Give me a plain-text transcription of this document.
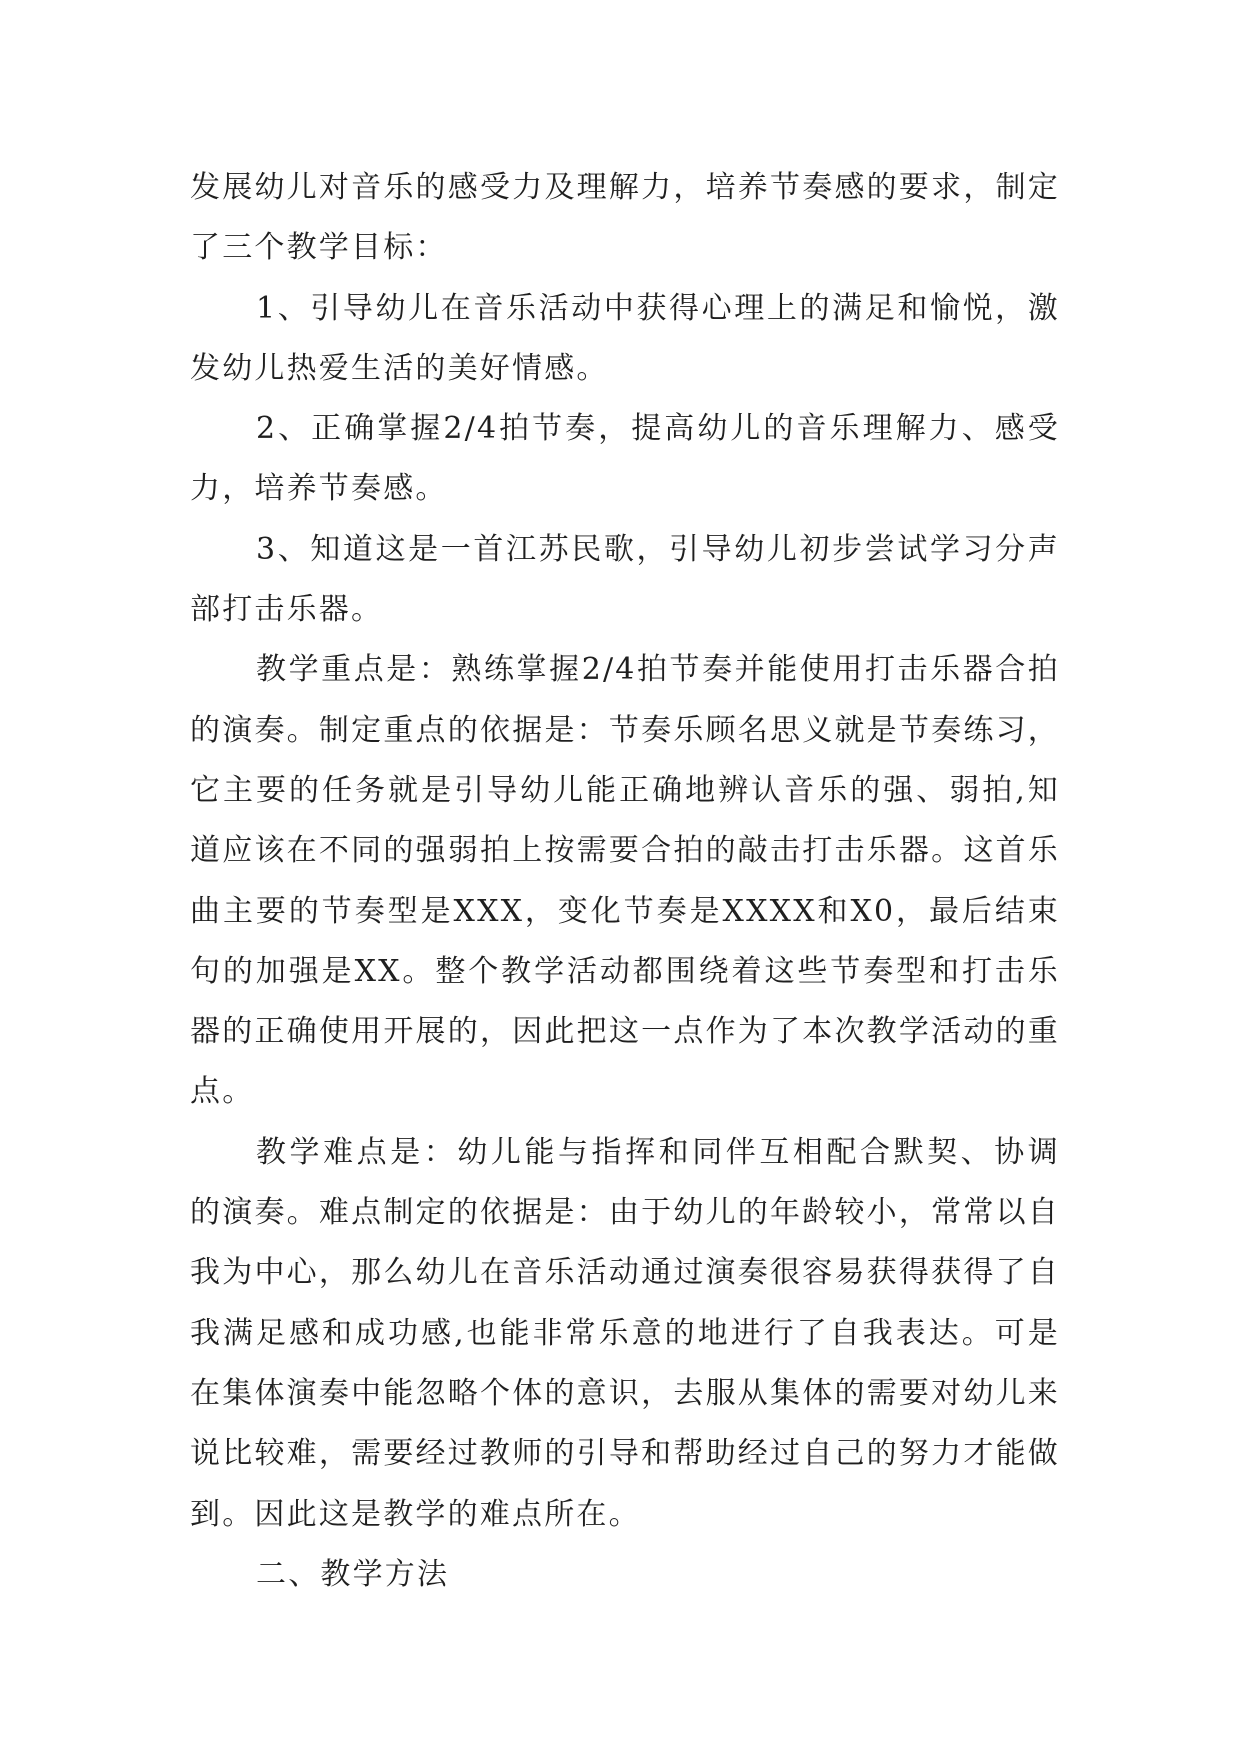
发展幼儿对音乐的感受力及理解力，培养节奏感的要求，制定了三个教学目标：

1、引导幼儿在音乐活动中获得心理上的满足和愉悦，激发幼儿热爱生活的美好情感。

2、正确掌握2/4拍节奏，提高幼儿的音乐理解力、感受力，培养节奏感。

3、知道这是一首江苏民歌，引导幼儿初步尝试学习分声部打击乐器。

教学重点是：熟练掌握2/4拍节奏并能使用打击乐器合拍的演奏。制定重点的依据是：节奏乐顾名思义就是节奏练习，它主要的任务就是引导幼儿能正确地辨认音乐的强、弱拍,知道应该在不同的强弱拍上按需要合拍的敲击打击乐器。这首乐曲主要的节奏型是XXX，变化节奏是XXXX和X0，最后结束句的加强是XX。整个教学活动都围绕着这些节奏型和打击乐器的正确使用开展的，因此把这一点作为了本次教学活动的重点。

教学难点是：幼儿能与指挥和同伴互相配合默契、协调的演奏。难点制定的依据是：由于幼儿的年龄较小，常常以自我为中心，那么幼儿在音乐活动通过演奏很容易获得获得了自我满足感和成功感,也能非常乐意的地进行了自我表达。可是在集体演奏中能忽略个体的意识，去服从集体的需要对幼儿来说比较难，需要经过教师的引导和帮助经过自己的努力才能做到。因此这是教学的难点所在。

二、教学方法
